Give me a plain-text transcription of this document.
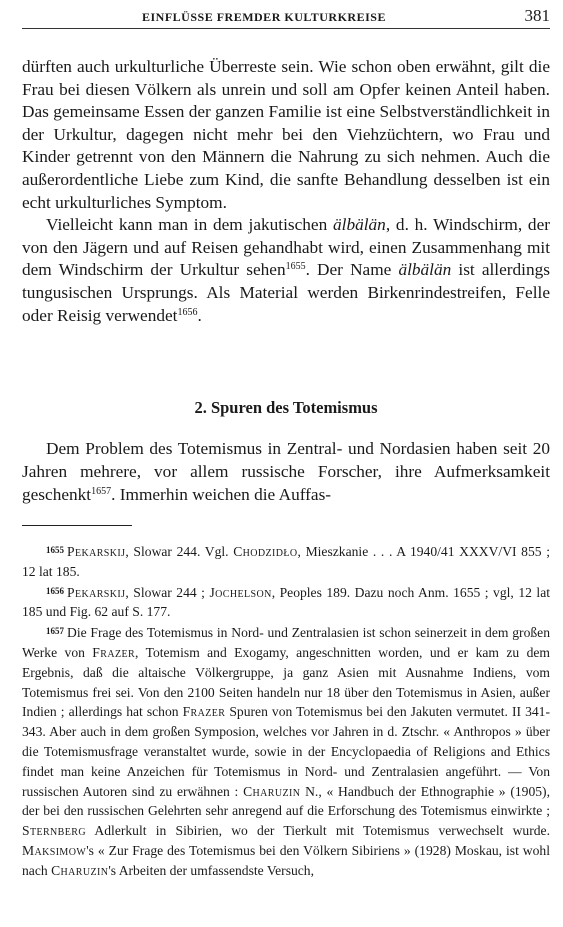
EINFLÜSSE FREMDER KULTURKREISE	381

dürften auch urkulturliche Überreste sein. Wie schon oben erwähnt, gilt die Frau bei diesen Völkern als unrein und soll am Opfer keinen Anteil haben. Das gemeinsame Essen der ganzen Familie ist eine Selbstverständlichkeit in der Urkultur, dagegen nicht mehr bei den Viehzüchtern, wo Frau und Kinder getrennt von den Männern die Nahrung zu sich nehmen. Auch die außerordentliche Liebe zum Kind, die sanfte Behandlung desselben ist ein echt urkulturliches Symptom.

Vielleicht kann man in dem jakutischen älbälän, d. h. Windschirm, der von den Jägern und auf Reisen gehandhabt wird, einen Zusammenhang mit dem Windschirm der Urkultur sehen$^{1655}$. Der Name älbälän ist allerdings tungusischen Ursprungs. Als Material werden Birkenrindestreifen, Felle oder Reisig verwendet$^{1656}$.

2. Spuren des Totemismus

Dem Problem des Totemismus in Zentral- und Nordasien haben seit 20 Jahren mehrere, vor allem russische Forscher, ihre Aufmerksamkeit geschenkt$^{1657}$. Immerhin weichen die Auffas-

$^{1655}$ Pekarskij, Slowar 244. Vgl. Chodzidło, Mieszkanie . . . A 1940/41 XXXV/VI 855 ; 12 lat 185.

$^{1656}$ Pekarskij, Slowar 244 ; Jochelson, Peoples 189. Dazu noch Anm. 1655 ; vgl, 12 lat 185 und Fig. 62 auf S. 177.

$^{1657}$ Die Frage des Totemismus in Nord- und Zentralasien ist schon seinerzeit in dem großen Werke von Frazer, Totemism and Exogamy, angeschnitten worden, und er kam zu dem Ergebnis, daß die altaische Völkergruppe, ja ganz Asien mit Ausnahme Indiens, vom Totemismus frei sei. Von den 2100 Seiten handeln nur 18 über den Totemismus in Asien, außer Indien ; allerdings hat schon Frazer Spuren von Totemismus bei den Jakuten vermutet. II 341-343. Aber auch in dem großen Symposion, welches vor Jahren in d. Ztschr. « Anthropos » über die Totemismusfrage veranstaltet wurde, sowie in der Encyclopaedia of Religions and Ethics findet man keine Anzeichen für Totemismus in Nord- und Zentralasien angeführt. — Von russischen Autoren sind zu erwähnen : Charuzin N., « Handbuch der Ethnographie » (1905), der bei den russischen Gelehrten sehr anregend auf die Erforschung des Totemismus einwirkte ; Sternberg Adlerkult in Sibirien, wo der Tierkult mit Totemismus verwechselt wurde. Maksimow's « Zur Frage des Totemismus bei den Völkern Sibiriens » (1928) Moskau, ist wohl nach Charuzin's Arbeiten der umfassendste Versuch,
